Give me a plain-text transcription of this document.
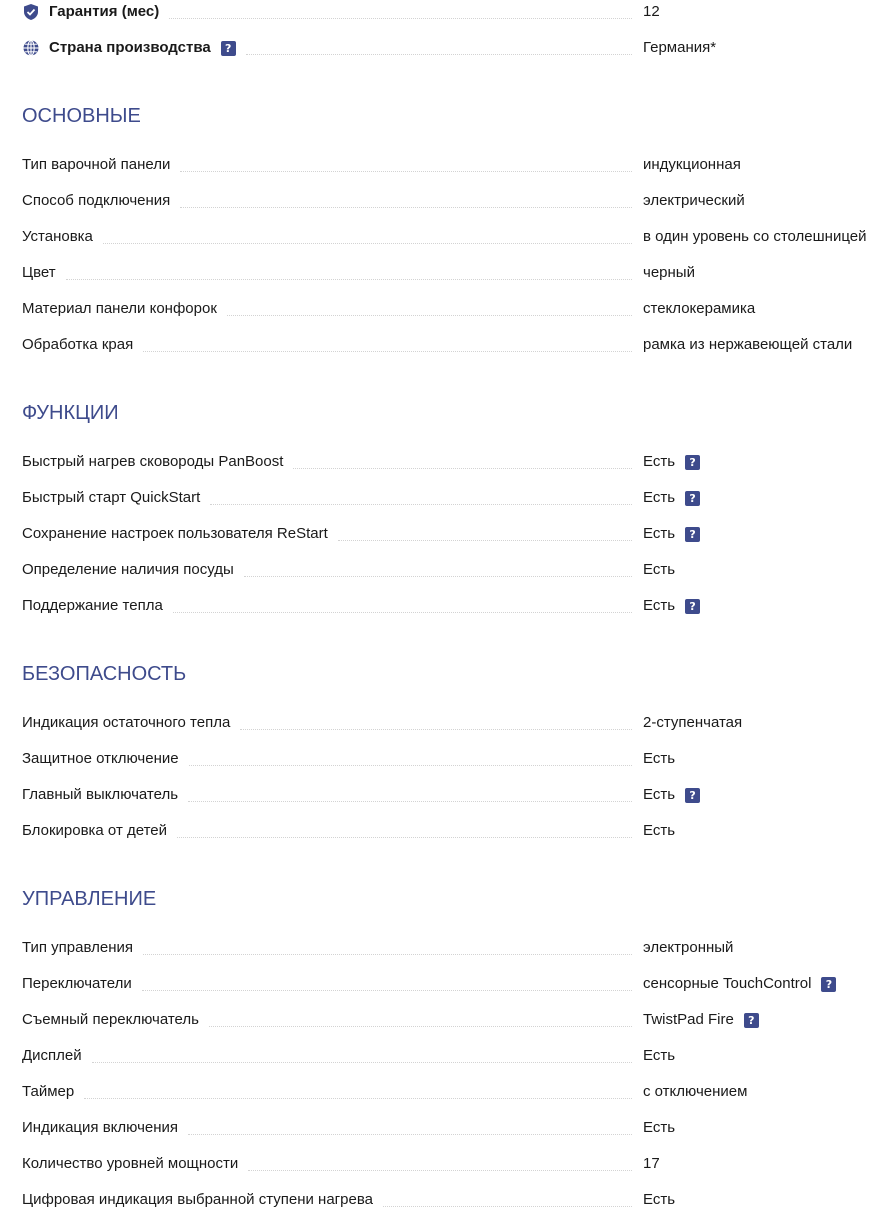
Гарантия (мес)	12
Страна производства	?	Германия*
ОСНОВНЫЕ
Тип варочной панели	индукционная
Способ подключения	электрический
Установка	в один уровень со столешницей
Цвет	черный
Материал панели конфорок	стеклокерамика
Обработка края	рамка из нержавеющей стали
ФУНКЦИИ
Быстрый нагрев сковороды PanBoost	Есть	?
Быстрый старт QuickStart	Есть	?
Сохранение настроек пользователя ReStart	Есть	?
Определение наличия посуды	Есть
Поддержание тепла	Есть	?
БЕЗОПАСНОСТЬ
Индикация остаточного тепла	2-ступенчатая
Защитное отключение	Есть
Главный выключатель	Есть	?
Блокировка от детей	Есть
УПРАВЛЕНИЕ
Тип управления	электронный
Переключатели	сенсорные TouchControl	?
Съемный переключатель	TwistPad Fire	?
Дисплей	Есть
Таймер	с отключением
Индикация включения	Есть
Количество уровней мощности	17
Цифровая индикация выбранной ступени нагрева	Есть
